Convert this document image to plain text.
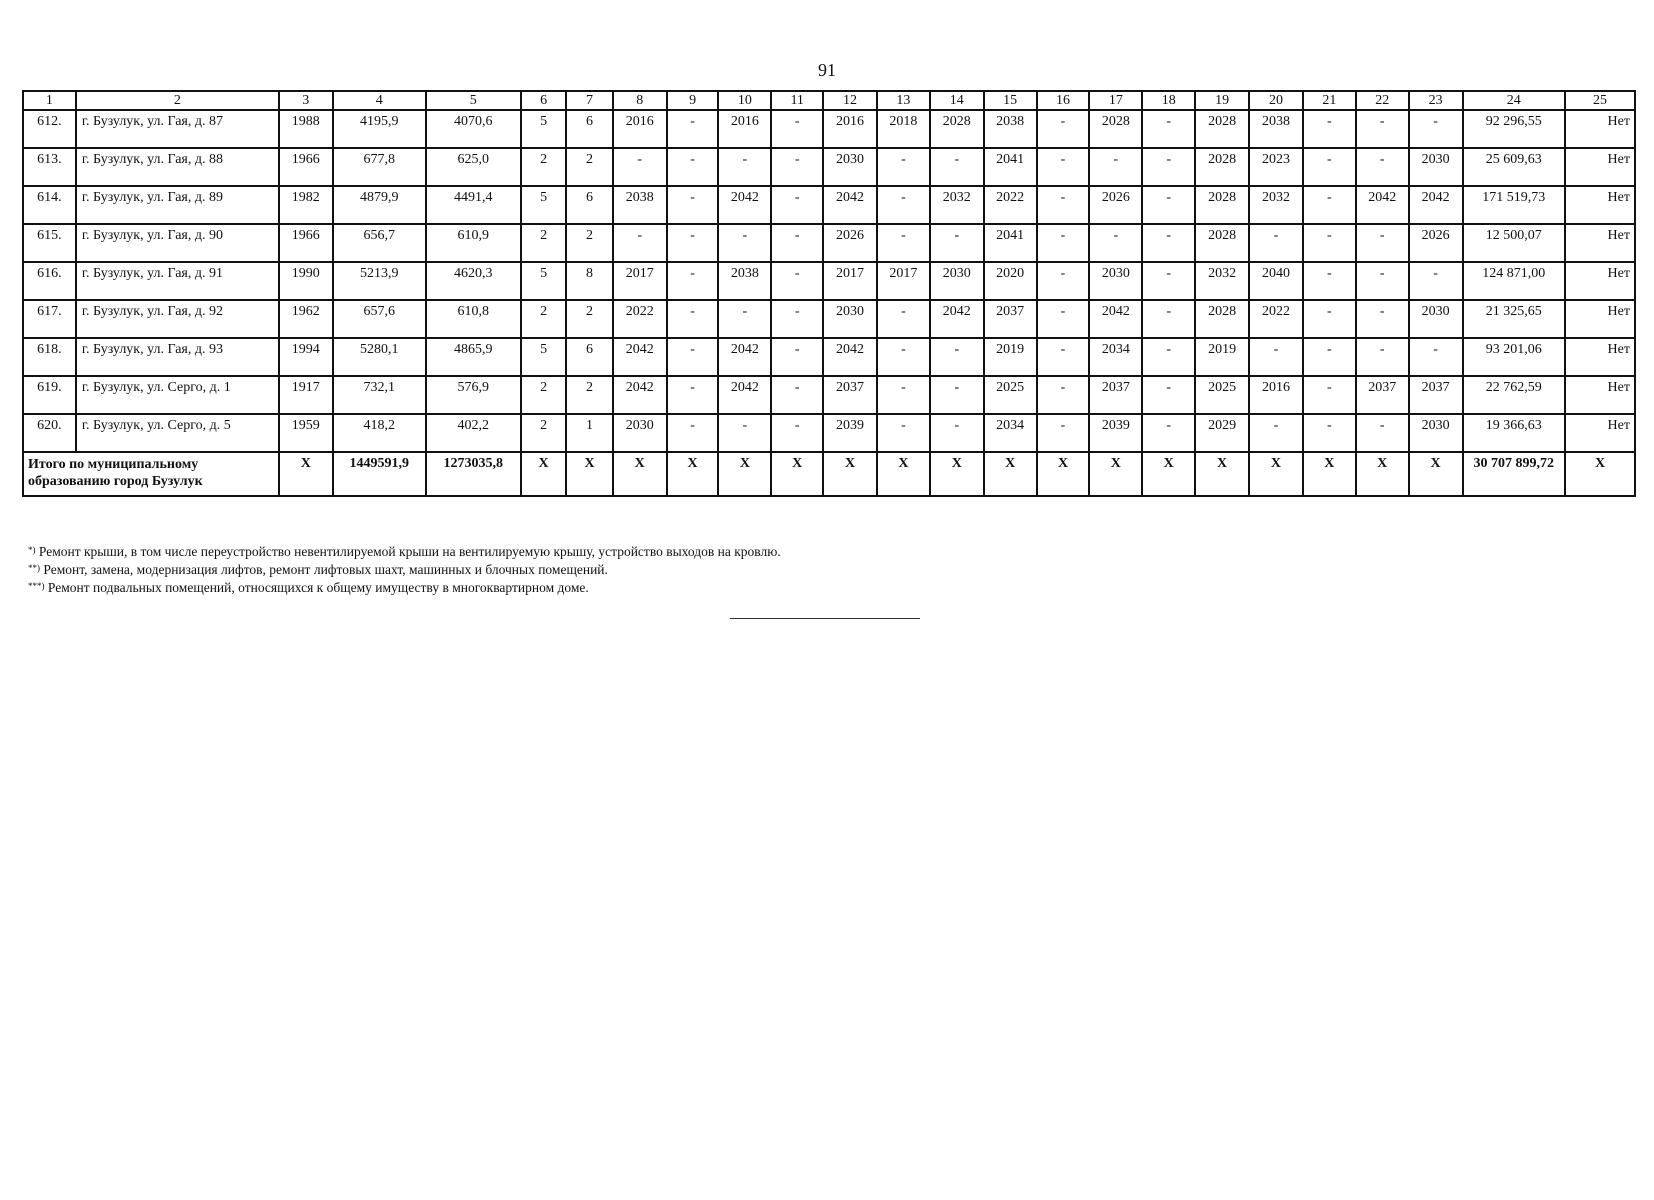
91
1	2	3	4	5	6	7	8	9	10	11	12	13	14	15	16	17	18	19	20	21	22	23	24	25
612.	г. Бузулук, ул. Гая, д. 87	1988	4195,9	4070,6	5	6	2016	-	2016	-	2016	2018	2028	2038	-	2028	-	2028	2038	-	-	-	92 296,55	Нет
613.	г. Бузулук, ул. Гая, д. 88	1966	677,8	625,0	2	2	-	-	-	-	2030	-	-	2041	-	-	-	2028	2023	-	-	2030	25 609,63	Нет
614.	г. Бузулук, ул. Гая, д. 89	1982	4879,9	4491,4	5	6	2038	-	2042	-	2042	-	2032	2022	-	2026	-	2028	2032	-	2042	2042	171 519,73	Нет
615.	г. Бузулук, ул. Гая, д. 90	1966	656,7	610,9	2	2	-	-	-	-	2026	-	-	2041	-	-	-	2028	-	-	-	2026	12 500,07	Нет
616.	г. Бузулук, ул. Гая, д. 91	1990	5213,9	4620,3	5	8	2017	-	2038	-	2017	2017	2030	2020	-	2030	-	2032	2040	-	-	-	124 871,00	Нет
617.	г. Бузулук, ул. Гая, д. 92	1962	657,6	610,8	2	2	2022	-	-	-	2030	-	2042	2037	-	2042	-	2028	2022	-	-	2030	21 325,65	Нет
618.	г. Бузулук, ул. Гая, д. 93	1994	5280,1	4865,9	5	6	2042	-	2042	-	2042	-	-	2019	-	2034	-	2019	-	-	-	-	93 201,06	Нет
619.	г. Бузулук, ул. Серго, д. 1	1917	732,1	576,9	2	2	2042	-	2042	-	2037	-	-	2025	-	2037	-	2025	2016	-	2037	2037	22 762,59	Нет
620.	г. Бузулук, ул. Серго, д. 5	1959	418,2	402,2	2	1	2030	-	-	-	2039	-	-	2034	-	2039	-	2029	-	-	-	2030	19 366,63	Нет
Итого по муниципальному образованию город Бузулук		X	1449591,9	1273035,8	X	X	X	X	X	X	X	X	X	X	X	X	X	X	X	X	X	X	30 707 899,72	X
*) Ремонт крыши, в том числе переустройство невентилируемой крыши на вентилируемую крышу, устройство выходов на кровлю.
**) Ремонт, замена, модернизация лифтов, ремонт лифтовых шахт, машинных и блочных помещений.
***) Ремонт подвальных помещений, относящихся к общему имуществу в многоквартирном доме.
